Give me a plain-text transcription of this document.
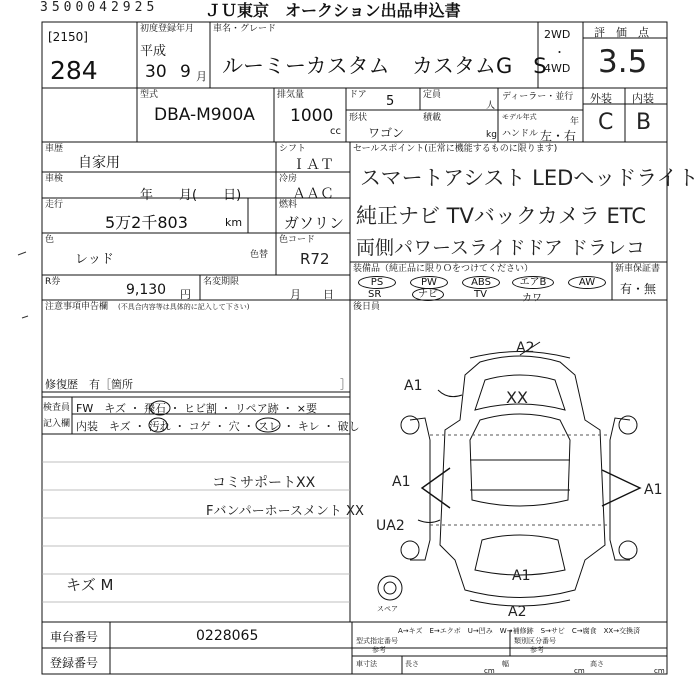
3500042925	ＪＵ東京　オークション出品申込書
[2150]
284
初度登録年月
平成
30 9 月
車名・グレード
ルーミーカスタム カスタムG　S
2WD
・
4WD
評　価　点
3.5
外装 内装
C B
型式
DBA-M900A
排気量
1000
cc
ドア 5	定員
人
ディーラー・並行
形状
ワゴン
積載
kg
モデル年式	年
ハンドル 左・右
車歴
自家用
シフト
ＩＡＴ
セールスポイント(正常に機能するものに限ります)
スマートアシスト LEDヘッドライト
純正ナビ TVバックカメラ ETC
両側パワースライドドア ドラレコ
車検
年　　月(　　日)
冷房
ＡＡＣ
走行
5万2千803	km
燃料
ガソリン
色
レッド	色替
色コード
R72
R券	9,130 円
名変期限
月　　日
装備品（純正品に限りＯをつけてください）
PS	PW	ABS	エアB	AW
SR	ナビ	TV	カワ
新車保証書
有・無
注意事項申告欄 (不具合内容等は具体的に記入して下さい)	後日員
修復歴　有［箇所	］
検査員
記入欄
FW　キズ ・ 飛石 ・ ヒビ割 ・ リペア跡 ・ ×要
内装　キズ ・ 汚れ ・ コゲ ・ 穴 ・ スレ ・ キレ ・ 破し
コミサポートXX
Fバンパーホースメント XX
キズ M
A2
XX
A1
A1	A1
UA2
A1
A2
スペア
A→キズ　E→エクボ　U→凹み　W→補修跡　S→サビ　C→腐食　XX→交換済
車台番号	0228065
登録番号
型式指定番号
参考
類別区分番号
参考
車寸法	長さ
cm
幅
cm
高さ
cm
